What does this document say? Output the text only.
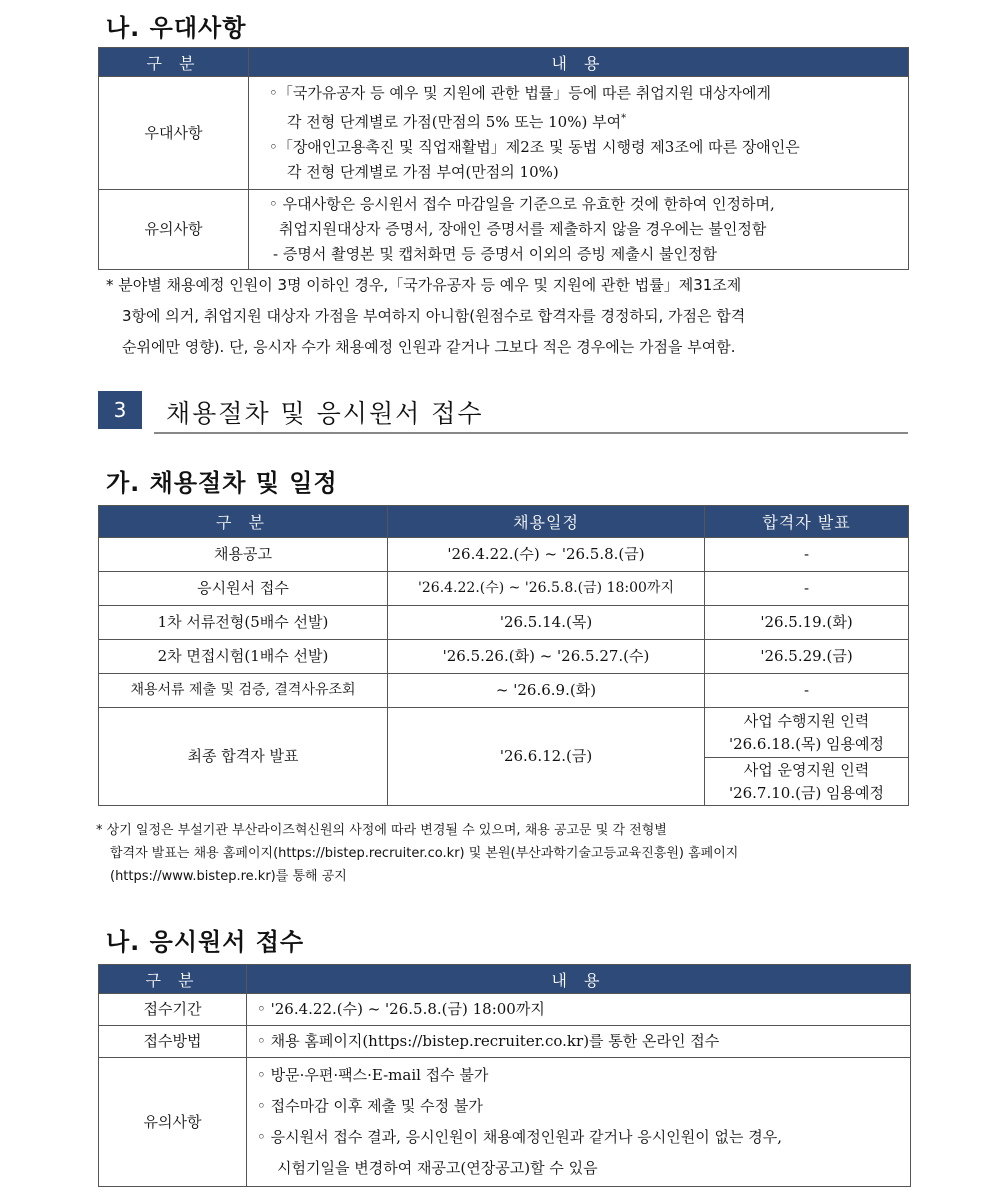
나. 우대사항
구 분	내 용
우대사항	◦「국가유공자 등 예우 및 지원에 관한 법률」등에 따른 취업지원 대상자에게
각 전형 단계별로 가점(만점의 5% 또는 10%) 부여*
◦「장애인고용촉진 및 직업재활법」제2조 및 동법 시행령 제3조에 따른 장애인은
각 전형 단계별로 가점 부여(만점의 10%)

유의사항	◦ 우대사항은 응시원서 접수 마감일을 기준으로 유효한 것에 한하여 인정하며,
취업지원대상자 증명서, 장애인 증명서를 제출하지 않을 경우에는 불인정함
- 증명서 촬영본 및 캡처화면 등 증명서 이외의 증빙 제출시 불인정함
* 분야별 채용예정 인원이 3명 이하인 경우,「국가유공자 등 예우 및 지원에 관한 법률」제31조제
3항에 의거, 취업지원 대상자 가점을 부여하지 아니함(원점수로 합격자를 경정하되, 가점은 합격
순위에만 영향). 단, 응시자 수가 채용예정 인원과 같거나 그보다 적은 경우에는 가점을 부여함.
3	채용절차 및 응시원서 접수
가. 채용절차 및 일정
구 분	채용일정	합격자 발표
채용공고	'26.4.22.(수) ~ '26.5.8.(금)	-
응시원서 접수	'26.4.22.(수) ~ '26.5.8.(금) 18:00까지	-
1차 서류전형(5배수 선발)	'26.5.14.(목)	'26.5.19.(화)
2차 면접시험(1배수 선발)	'26.5.26.(화) ~ '26.5.27.(수)	'26.5.29.(금)
채용서류 제출 및 검증, 결격사유조회	~ '26.6.9.(화)	-
최종 합격자 발표	'26.6.12.(금)	사업 수행지원 인력
'26.6.18.(목) 임용예정

		사업 운영지원 인력
'26.7.10.(금) 임용예정
* 상기 일정은 부설기관 부산라이즈혁신원의 사정에 따라 변경될 수 있으며, 채용 공고문 및 각 전형별
합격자 발표는 채용 홈페이지(https://bistep.recruiter.co.kr) 및 본원(부산과학기술고등교육진흥원) 홈페이지
(https://www.bistep.re.kr)를 통해 공지
나. 응시원서 접수
구 분	내 용
접수기간	◦ '26.4.22.(수) ~ '26.5.8.(금) 18:00까지
접수방법	◦ 채용 홈페이지(https://bistep.recruiter.co.kr)를 통한 온라인 접수
유의사항	◦ 방문·우편·팩스·E-mail 접수 불가
◦ 접수마감 이후 제출 및 수정 불가
◦ 응시원서 접수 결과, 응시인원이 채용예정인원과 같거나 응시인원이 없는 경우,
시험기일을 변경하여 재공고(연장공고)할 수 있음
